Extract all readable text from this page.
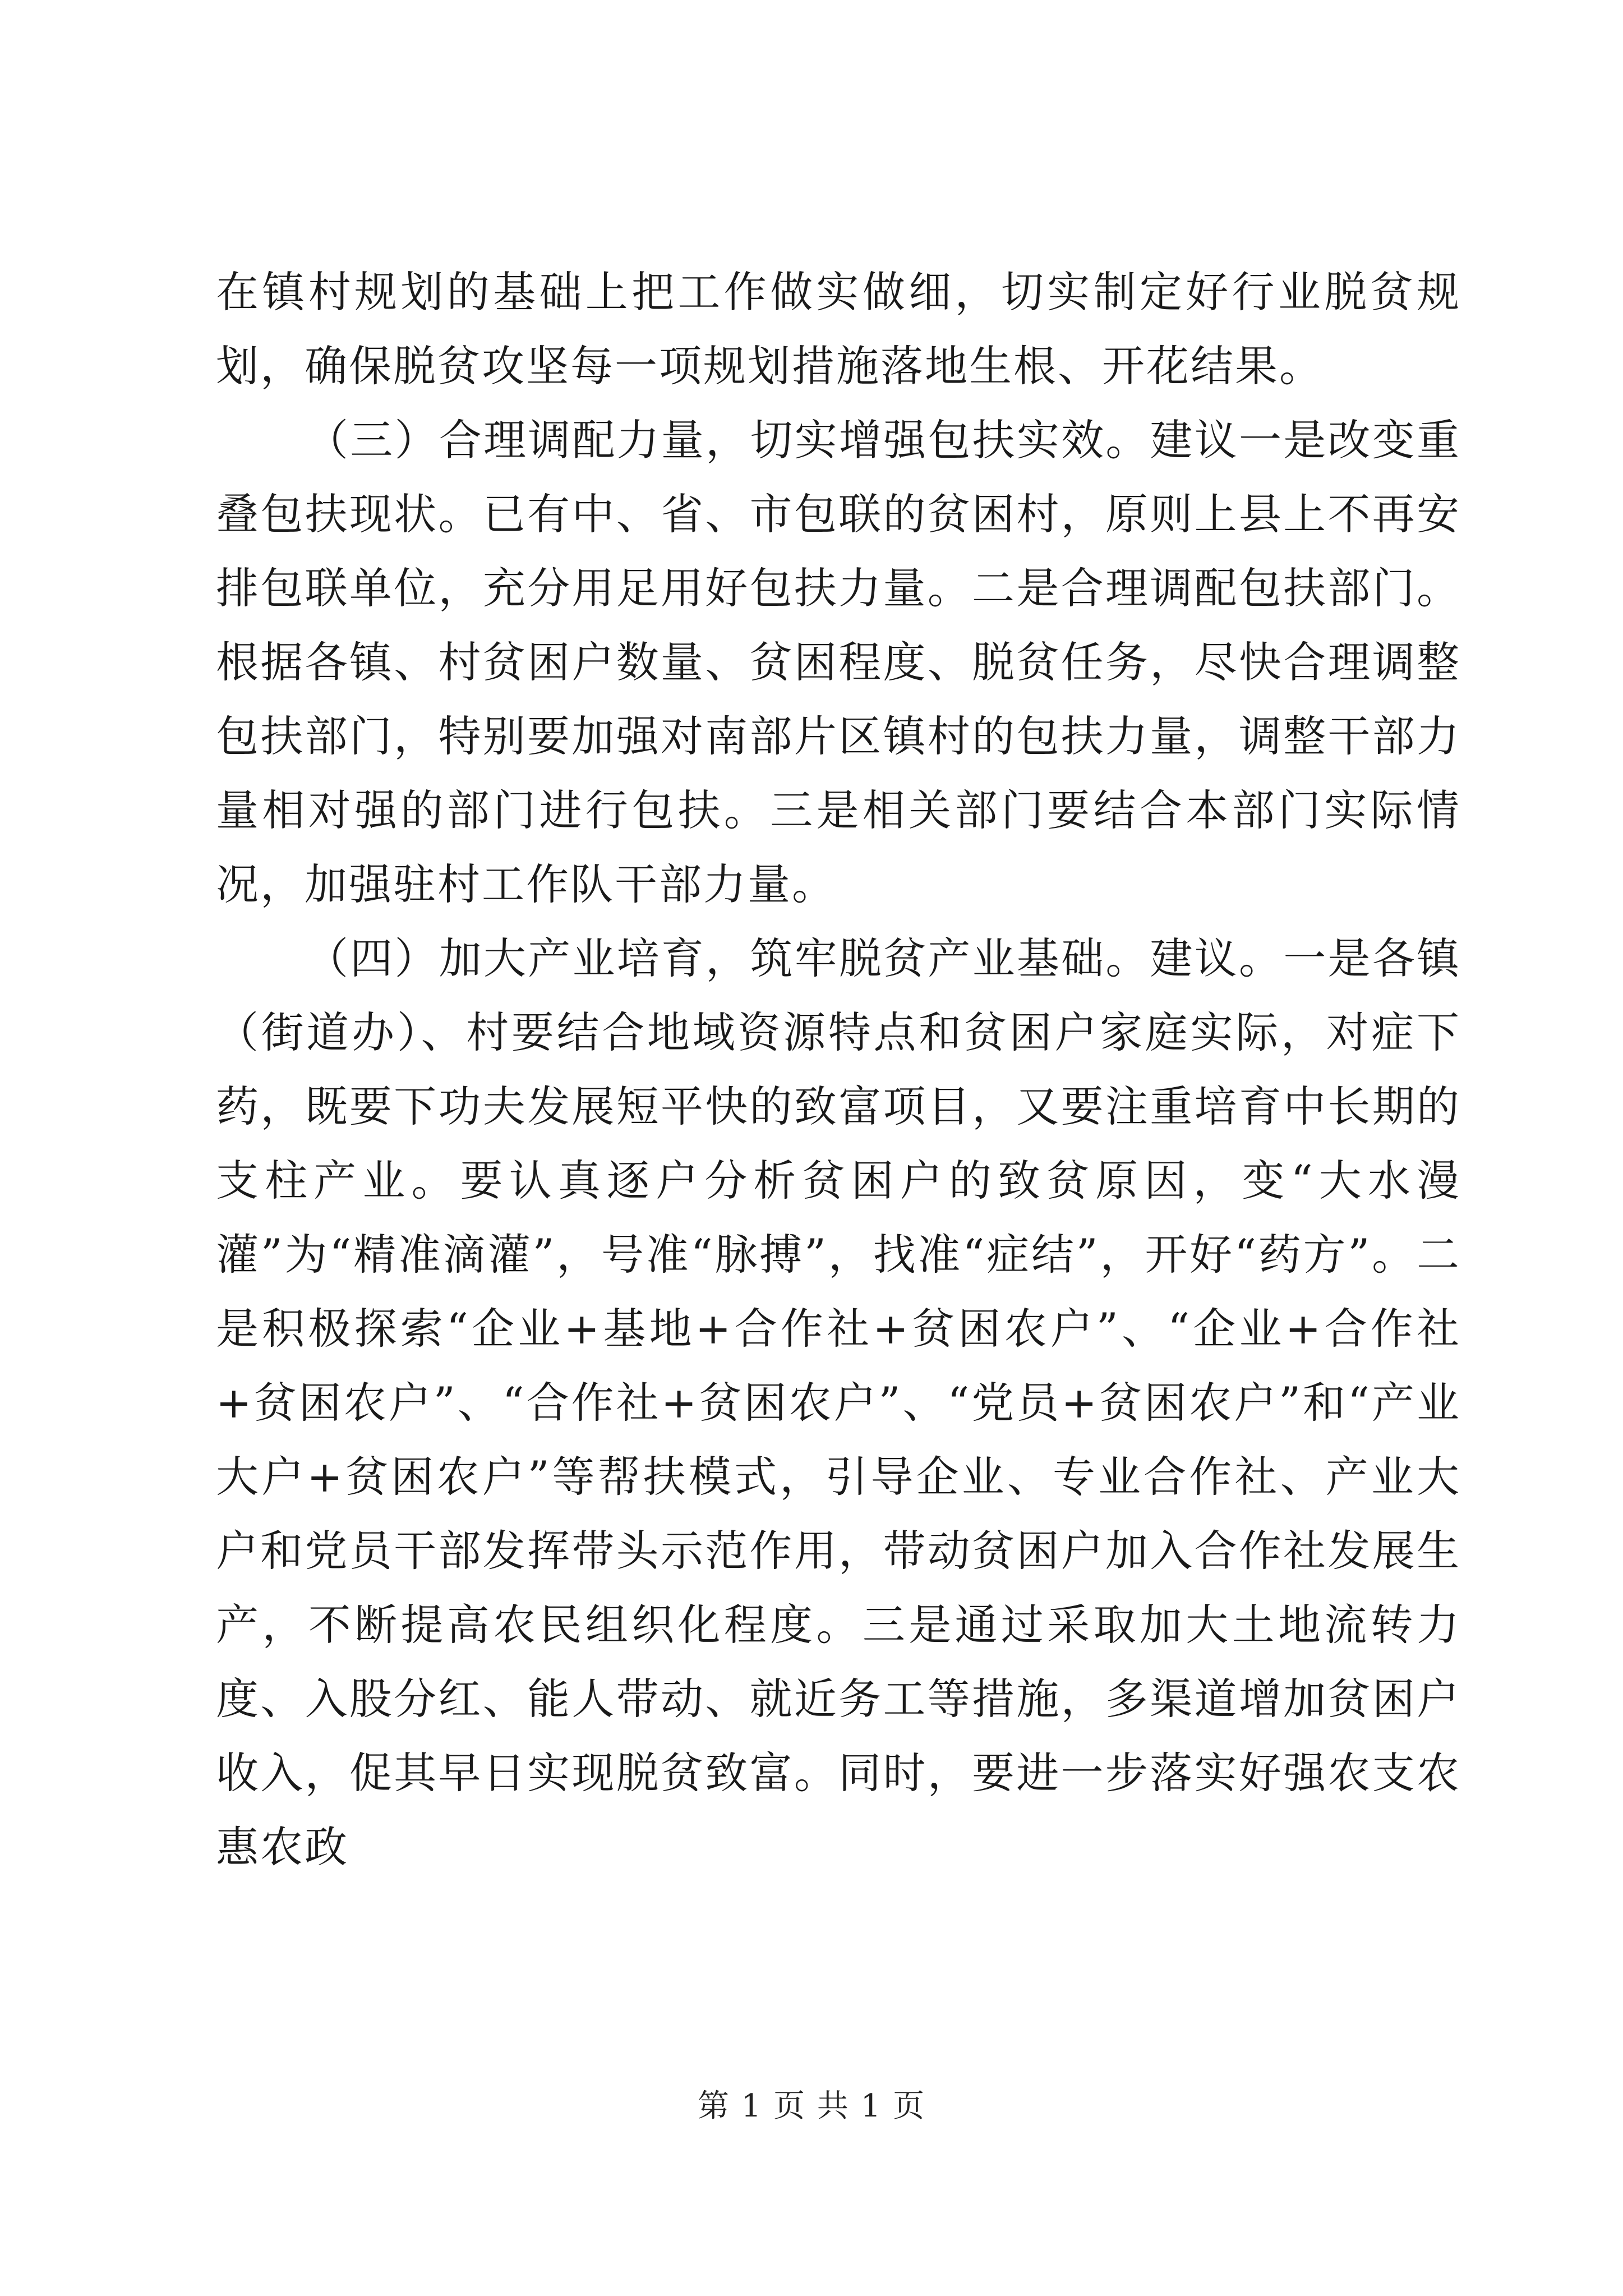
在镇村规划的基础上把工作做实做细，切实制定好行业脱贫规划，确保脱贫攻坚每一项规划措施落地生根、开花结果。

（三）合理调配力量，切实增强包扶实效。建议一是改变重叠包扶现状。已有中、省、市包联的贫困村，原则上县上不再安排包联单位，充分用足用好包扶力量。二是合理调配包扶部门。根据各镇、村贫困户数量、贫困程度、脱贫任务，尽快合理调整包扶部门，特别要加强对南部片区镇村的包扶力量，调整干部力量相对强的部门进行包扶。三是相关部门要结合本部门实际情况，加强驻村工作队干部力量。

（四）加大产业培育，筑牢脱贫产业基础。建议。一是各镇（街道办）、村要结合地域资源特点和贫困户家庭实际，对症下药，既要下功夫发展短平快的致富项目，又要注重培育中长期的支柱产业。要认真逐户分析贫困户的致贫原因，变“大水漫灌”为“精准滴灌”，号准“脉搏”，找准“症结”，开好“药方”。二是积极探索“企业+基地+合作社+贫困农户”、“企业+合作社+贫困农户”、“合作社+贫困农户”、“党员+贫困农户”和“产业大户+贫困农户”等帮扶模式，引导企业、专业合作社、产业大户和党员干部发挥带头示范作用，带动贫困户加入合作社发展生产，不断提高农民组织化程度。三是通过采取加大土地流转力度、入股分红、能人带动、就近务工等措施，多渠道增加贫困户收入，促其早日实现脱贫致富。同时，要进一步落实好强农支农惠农政

第 1 页 共 1 页
